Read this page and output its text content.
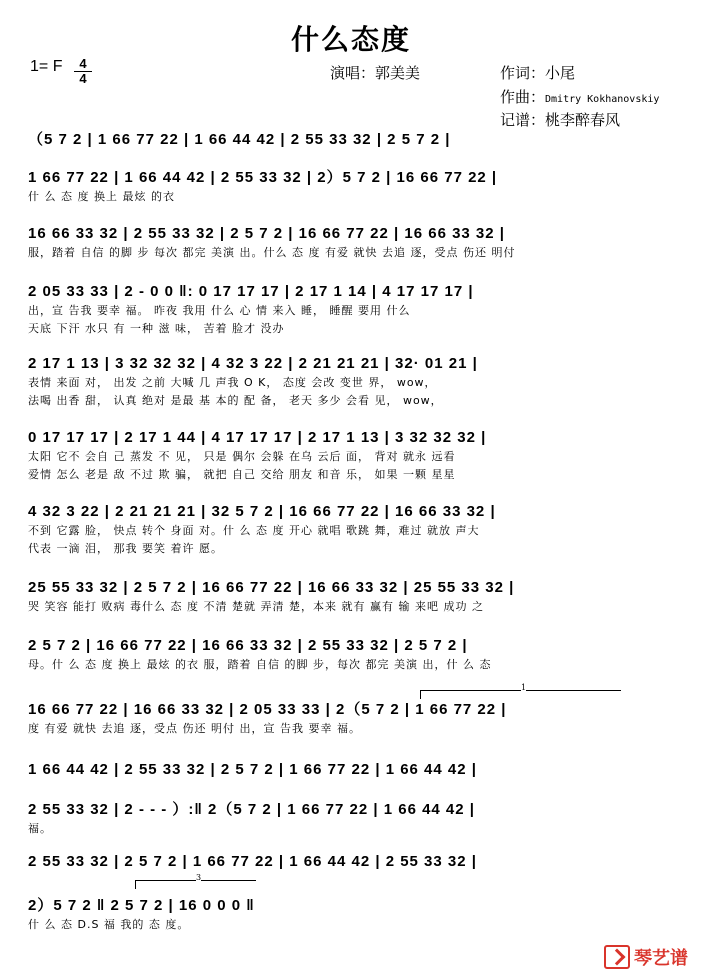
什么态度
1= F	4
4	演唱：郭美美	作词：小尾
作曲：Dmitry Kokhanovskiy
记谱：桃李醉春风
（5 7 2 | 1 66 77 22 | 1 66 44 42 | 2 55 33 32 | 2 5 7 2 |
1 66 77 22 | 1 66 44 42 | 2 55 33 32 | 2）5 7 2 | 16 66 77 22 |
什 么 态 度 换上 最炫 的衣
16 66 33 32 | 2 55 33 32 | 2 5 7 2 | 16 66 77 22 | 16 66 33 32 |
服，踏着 自信 的脚 步 每次 都完 美演 出。什么 态 度 有爱 就快 去追 逐，受点 伤还 明付
2 05 33 33 | 2 - 0 0 ‖: 0 17 17 17 | 2 17 1 14 | 4 17 17 17 |
出，宣 告我 要幸 福。 昨夜 我用 什么 心 情 来入 睡， 睡醒 要用 什么
天底 下汗 水只 有 一种 滋 味， 苦着 脸才 没办
2 17 1 13 | 3 32 32 32 | 4 32 3 22 | 2 21 21 21 | 32· 01 21 |
表情 来面 对， 出发 之前 大喊 几 声我 O K， 态度 会改 变世 界， wow，
法喝 出香 甜， 认真 绝对 是最 基 本的 配 备， 老天 多少 会看 见， wow，
0 17 17 17 | 2 17 1 44 | 4 17 17 17 | 2 17 1 13 | 3 32 32 32 |
太阳 它不 会自 己 蒸发 不 见， 只是 偶尔 会躲 在乌 云后 面， 背对 就永 远看
爱情 怎么 老是 敌 不过 欺 骗， 就把 自己 交给 朋友 和音 乐， 如果 一颗 星星
4 32 3 22 | 2 21 21 21 | 32 5 7 2 | 16 66 77 22 | 16 66 33 32 |
不到 它露 脸， 快点 转个 身面 对。什 么 态 度 开心 就唱 歌跳 舞，难过 就放 声大
代表 一滴 泪， 那我 要笑 着许 愿。
25 55 33 32 | 2 5 7 2 | 16 66 77 22 | 16 66 33 32 | 25 55 33 32 |
哭 笑容 能打 败病 毒什么 态 度 不清 楚就 弄清 楚，本来 就有 赢有 输 来吧 成功 之
2 5 7 2 | 16 66 77 22 | 16 66 33 32 | 2 55 33 32 | 2 5 7 2 |
母。什 么 态 度 换上 最炫 的衣 服，踏着 自信 的脚 步，每次 都完 美演 出，什 么 态
16 66 77 22 | 16 66 33 32 | 2 05 33 33 | 2（5 7 2 | 1 66 77 22 |
度 有爱 就快 去追 逐，受点 伤还 明付 出，宣 告我 要幸 福。
1 66 44 42 | 2 55 33 32 | 2 5 7 2 | 1 66 77 22 | 1 66 44 42 |
2 55 33 32 | 2 - - - ）:‖ 2（5 7 2 | 1 66 77 22 | 1 66 44 42 |
福。
2 55 33 32 | 2 5 7 2 | 1 66 77 22 | 1 66 44 42 | 2 55 33 32 |
2）5 7 2 ‖ 2 5 7 2 | 16 0 0 0 ‖
什 么 态 D.S 福 我的 态 度。
1
3
琴艺谱
